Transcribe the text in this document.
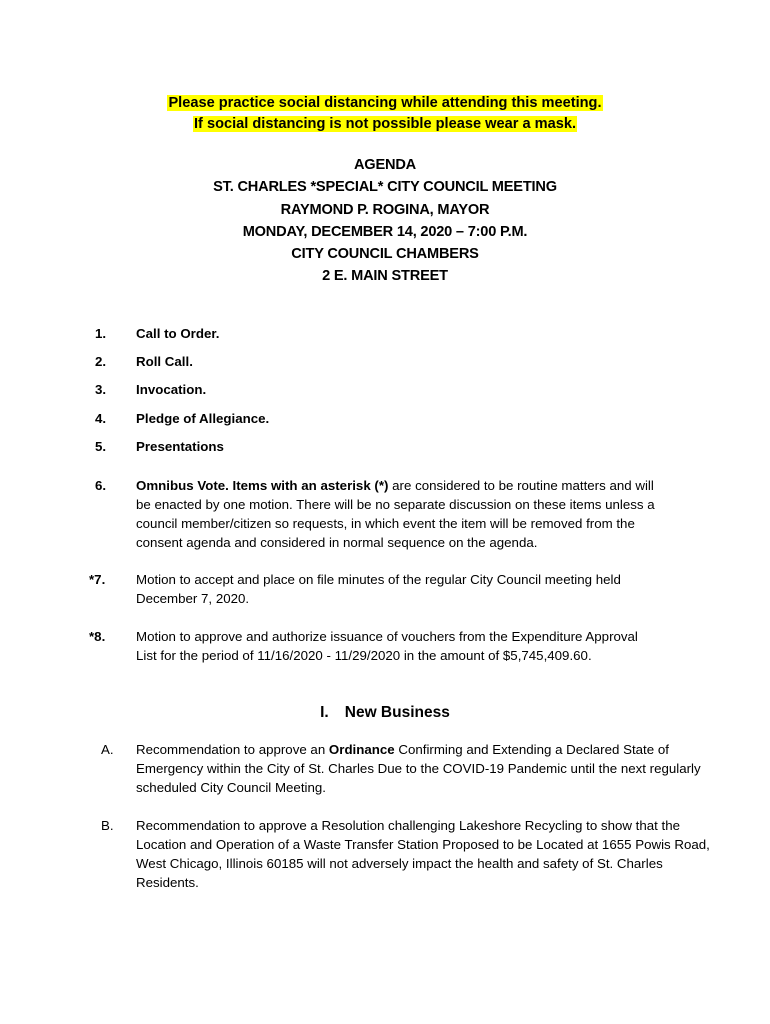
Please practice social distancing while attending this meeting.
If social distancing is not possible please wear a mask.
AGENDA
ST. CHARLES *SPECIAL* CITY COUNCIL MEETING
RAYMOND P. ROGINA, MAYOR
MONDAY, DECEMBER 14, 2020 – 7:00 P.M.
CITY COUNCIL CHAMBERS
2 E. MAIN STREET
1. Call to Order.
2. Roll Call.
3. Invocation.
4. Pledge of Allegiance.
5. Presentations
6. Omnibus Vote. Items with an asterisk (*) are considered to be routine matters and will
be enacted by one motion. There will be no separate discussion on these items unless a
council member/citizen so requests, in which event the item will be removed from the
consent agenda and considered in normal sequence on the agenda.
*7. Motion to accept and place on file minutes of the regular City Council meeting held
December 7, 2020.
*8. Motion to approve and authorize issuance of vouchers from the Expenditure Approval
List for the period of 11/16/2020 - 11/29/2020 in the amount of $5,745,409.60.
I. New Business
A. Recommendation to approve an Ordinance Confirming and Extending a Declared State of
Emergency within the City of St. Charles Due to the COVID-19 Pandemic until the next regularly
scheduled City Council Meeting.
B. Recommendation to approve a Resolution challenging Lakeshore Recycling to show that the
Location and Operation of a Waste Transfer Station Proposed to be Located at 1655 Powis Road,
West Chicago, Illinois 60185 will not adversely impact the health and safety of St. Charles
Residents.
